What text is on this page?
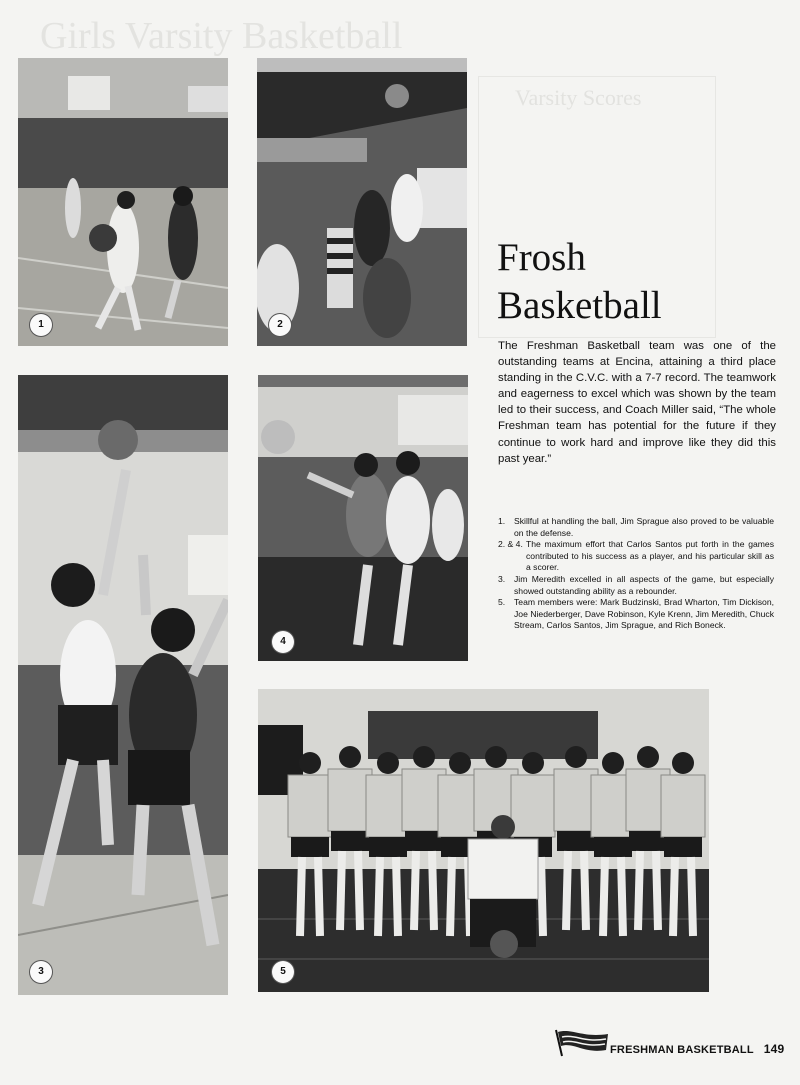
Girls Varsity Basketball
Varsity Scores
1	2
3
4
5
Frosh
Basketball
The Freshman Basketball team was one of the outstanding teams at Encina, attaining a third place standing in the C.V.C. with a 7-7 record. The teamwork and eagerness to excel which was shown by the team led to their success, and Coach Miller said, “The whole Freshman team has potential for the future if they continue to work hard and improve like they did this past year.”
1. Skillful at handling the ball, Jim Sprague also proved to be valuable on the defense.
2. & 4. The maximum effort that Carlos Santos put forth in the games contributed to his success as a player, and his particular skill as a scorer.
3. Jim Meredith excelled in all aspects of the game, but especially showed outstanding ability as a rebounder.
5. Team members were: Mark Budzinski, Brad Wharton, Tim Dickison, Joe Niederberger, Dave Robinson, Kyle Krenn, Jim Meredith, Chuck Stream, Carlos Santos, Jim Sprague, and Rich Boneck.
FRESHMAN BASKETBALL 149
